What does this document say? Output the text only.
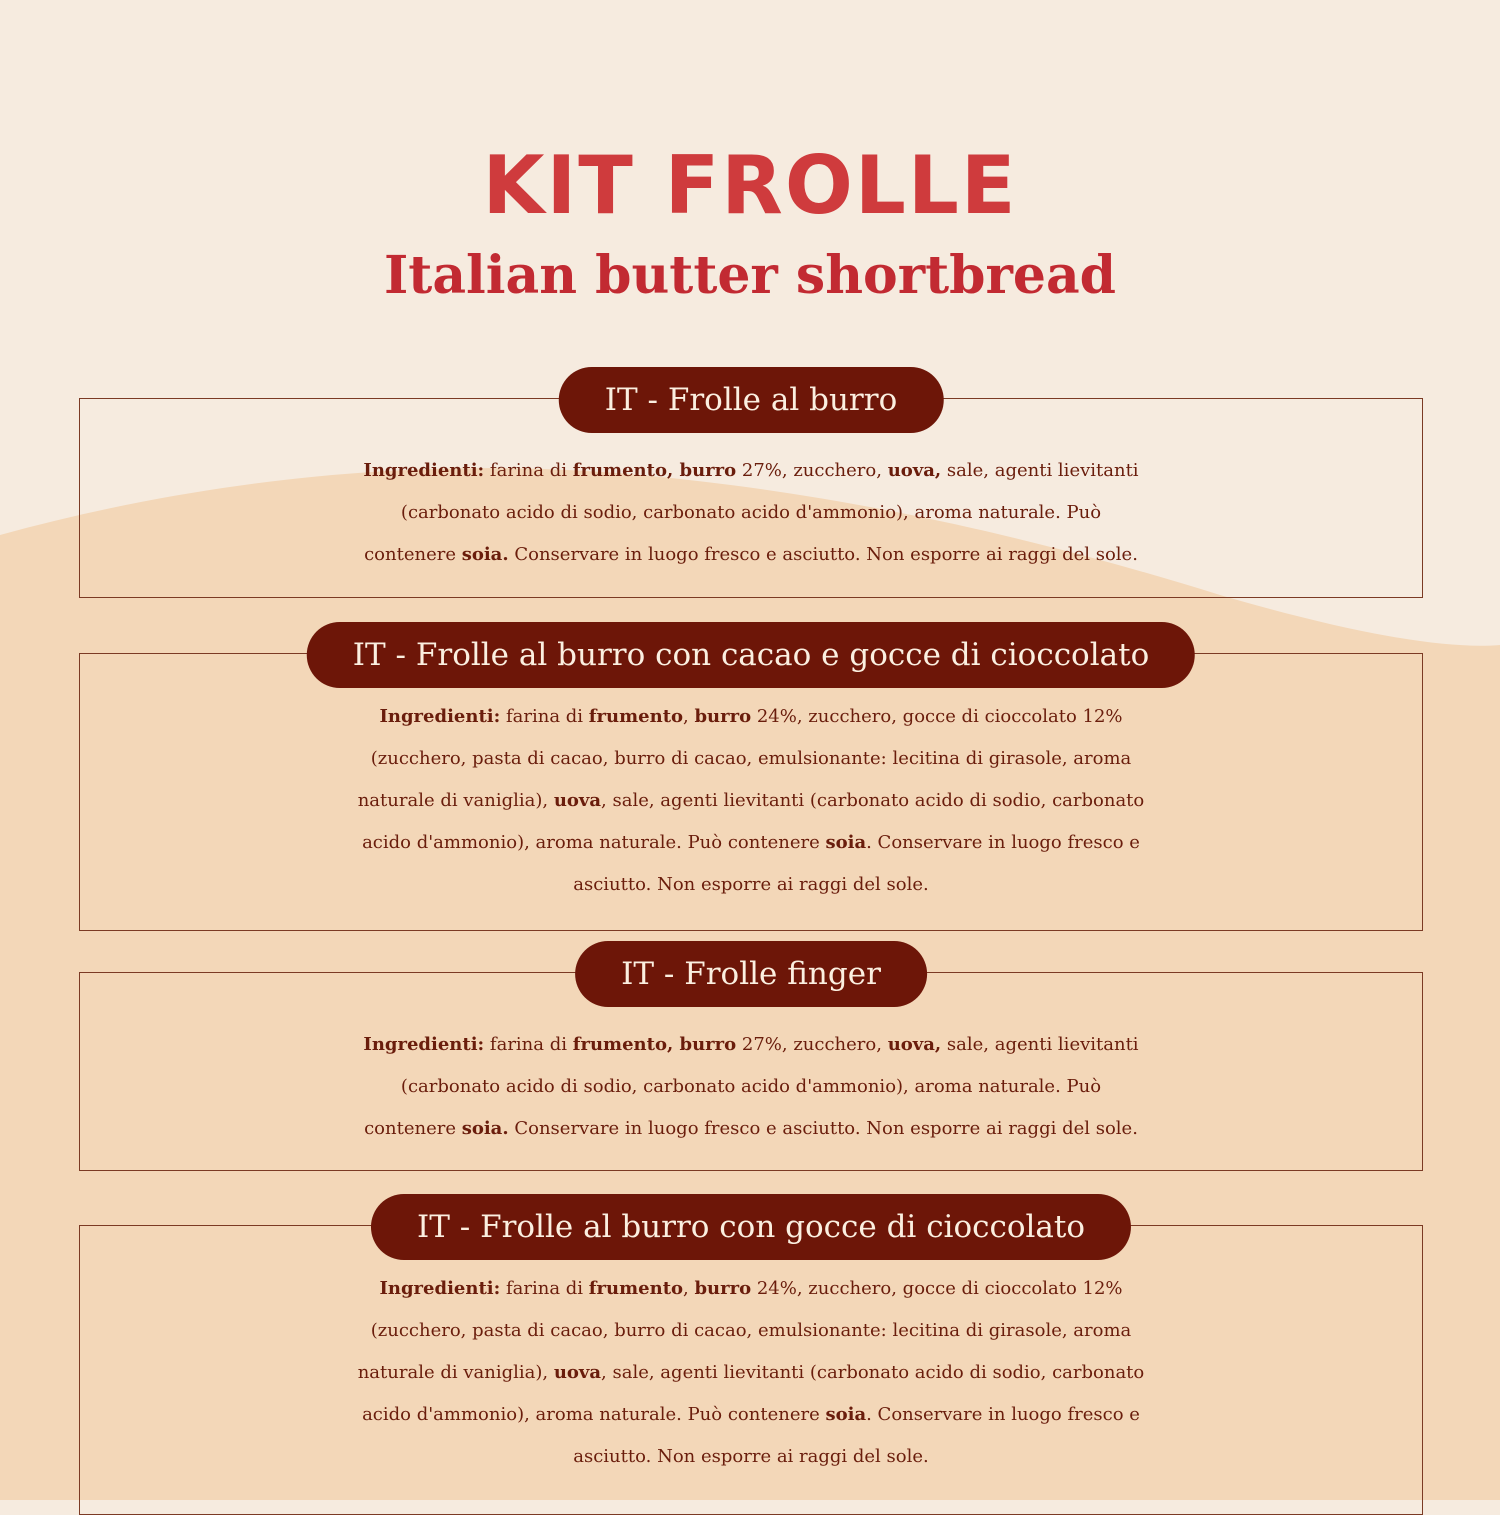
KIT FROLLE
Italian butter shortbread
IT - Frolle al burro
Ingredienti: farina di frumento, burro 27%, zucchero, uova, sale, agenti lievitanti
(carbonato acido di sodio, carbonato acido d'ammonio), aroma naturale. Può
contenere soia. Conservare in luogo fresco e asciutto. Non esporre ai raggi del sole.
IT - Frolle al burro con cacao e gocce di cioccolato
Ingredienti: farina di frumento, burro 24%, zucchero, gocce di cioccolato 12%
(zucchero, pasta di cacao, burro di cacao, emulsionante: lecitina di girasole, aroma
naturale di vaniglia), uova, sale, agenti lievitanti (carbonato acido di sodio, carbonato
acido d'ammonio), aroma naturale. Può contenere soia. Conservare in luogo fresco e
asciutto. Non esporre ai raggi del sole.
IT - Frolle finger
Ingredienti: farina di frumento, burro 27%, zucchero, uova, sale, agenti lievitanti
(carbonato acido di sodio, carbonato acido d'ammonio), aroma naturale. Può
contenere soia. Conservare in luogo fresco e asciutto. Non esporre ai raggi del sole.
IT - Frolle al burro con gocce di cioccolato
Ingredienti: farina di frumento, burro 24%, zucchero, gocce di cioccolato 12%
(zucchero, pasta di cacao, burro di cacao, emulsionante: lecitina di girasole, aroma
naturale di vaniglia), uova, sale, agenti lievitanti (carbonato acido di sodio, carbonato
acido d'ammonio), aroma naturale. Può contenere soia. Conservare in luogo fresco e
asciutto. Non esporre ai raggi del sole.
